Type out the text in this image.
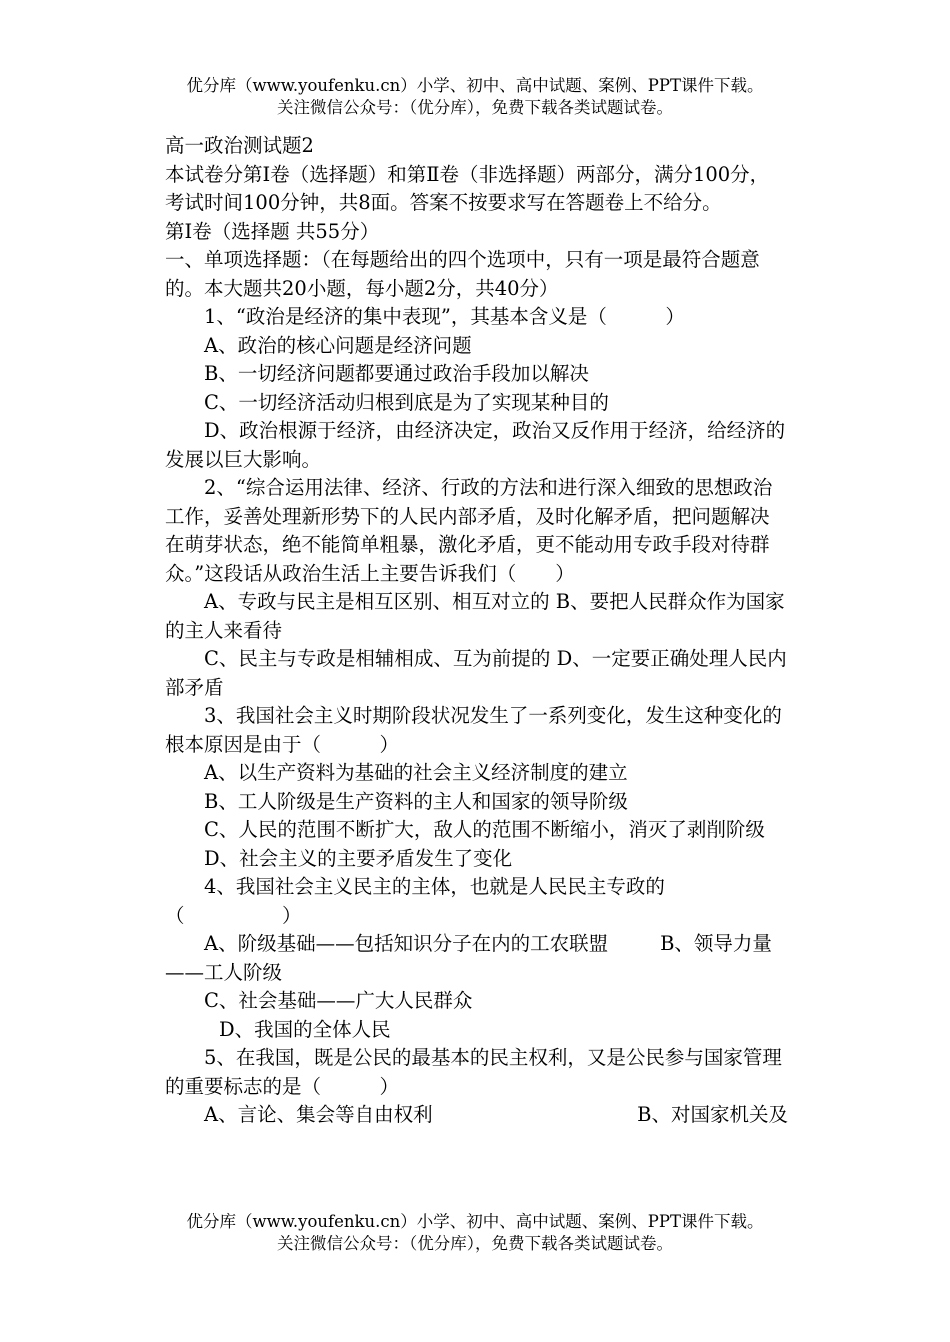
优分库（www.youfenku.cn）小学、初中、高中试题、案例、PPT课件下载。
关注微信公众号：（优分库），免费下载各类试题试卷。

高一政治测试题2

本试卷分第Ⅰ卷（选择题）和第Ⅱ卷（非选择题）两部分，满分100分，考试时间100分钟，共8面。答案不按要求写在答题卷上不给分。

第Ⅰ卷（选择题 共55分）

一、单项选择题：（在每题给出的四个选项中，只有一项是最符合题意的。本大题共20小题，每小题2分，共40分）

1、“政治是经济的集中表现”，其基本含义是（　　　）

A、政治的核心问题是经济问题

B、一切经济问题都要通过政治手段加以解决

C、一切经济活动归根到底是为了实现某种目的

D、政治根源于经济，由经济决定，政治又反作用于经济，给经济的发展以巨大影响。

2、“综合运用法律、经济、行政的方法和进行深入细致的思想政治工作，妥善处理新形势下的人民内部矛盾，及时化解矛盾，把问题解决在萌芽状态，绝不能简单粗暴，激化矛盾，更不能动用专政手段对待群众。”这段话从政治生活上主要告诉我们（　　）

A、专政与民主是相互区别、相互对立的 B、要把人民群众作为国家的主人来看待

C、民主与专政是相辅相成、互为前提的 D、一定要正确处理人民内部矛盾

3、我国社会主义时期阶段状况发生了一系列变化，发生这种变化的根本原因是由于（　　　）

A、以生产资料为基础的社会主义经济制度的建立

B、工人阶级是生产资料的主人和国家的领导阶级

C、人民的范围不断扩大，敌人的范围不断缩小，消灭了剥削阶级

D、社会主义的主要矛盾发生了变化

4、我国社会主义民主的主体，也就是人民民主专政的（　　　　　）

A、阶级基础——包括知识分子在内的工农联盟	B、领导力量——工人阶级

C、社会基础——广大人民群众

D、我国的全体人民

5、在我国，既是公民的最基本的民主权利，又是公民参与国家管理的重要标志的是（　　　）

A、言论、集会等自由权利	B、对国家机关及
优分库（www.youfenku.cn）小学、初中、高中试题、案例、PPT课件下载。
关注微信公众号：（优分库），免费下载各类试题试卷。
